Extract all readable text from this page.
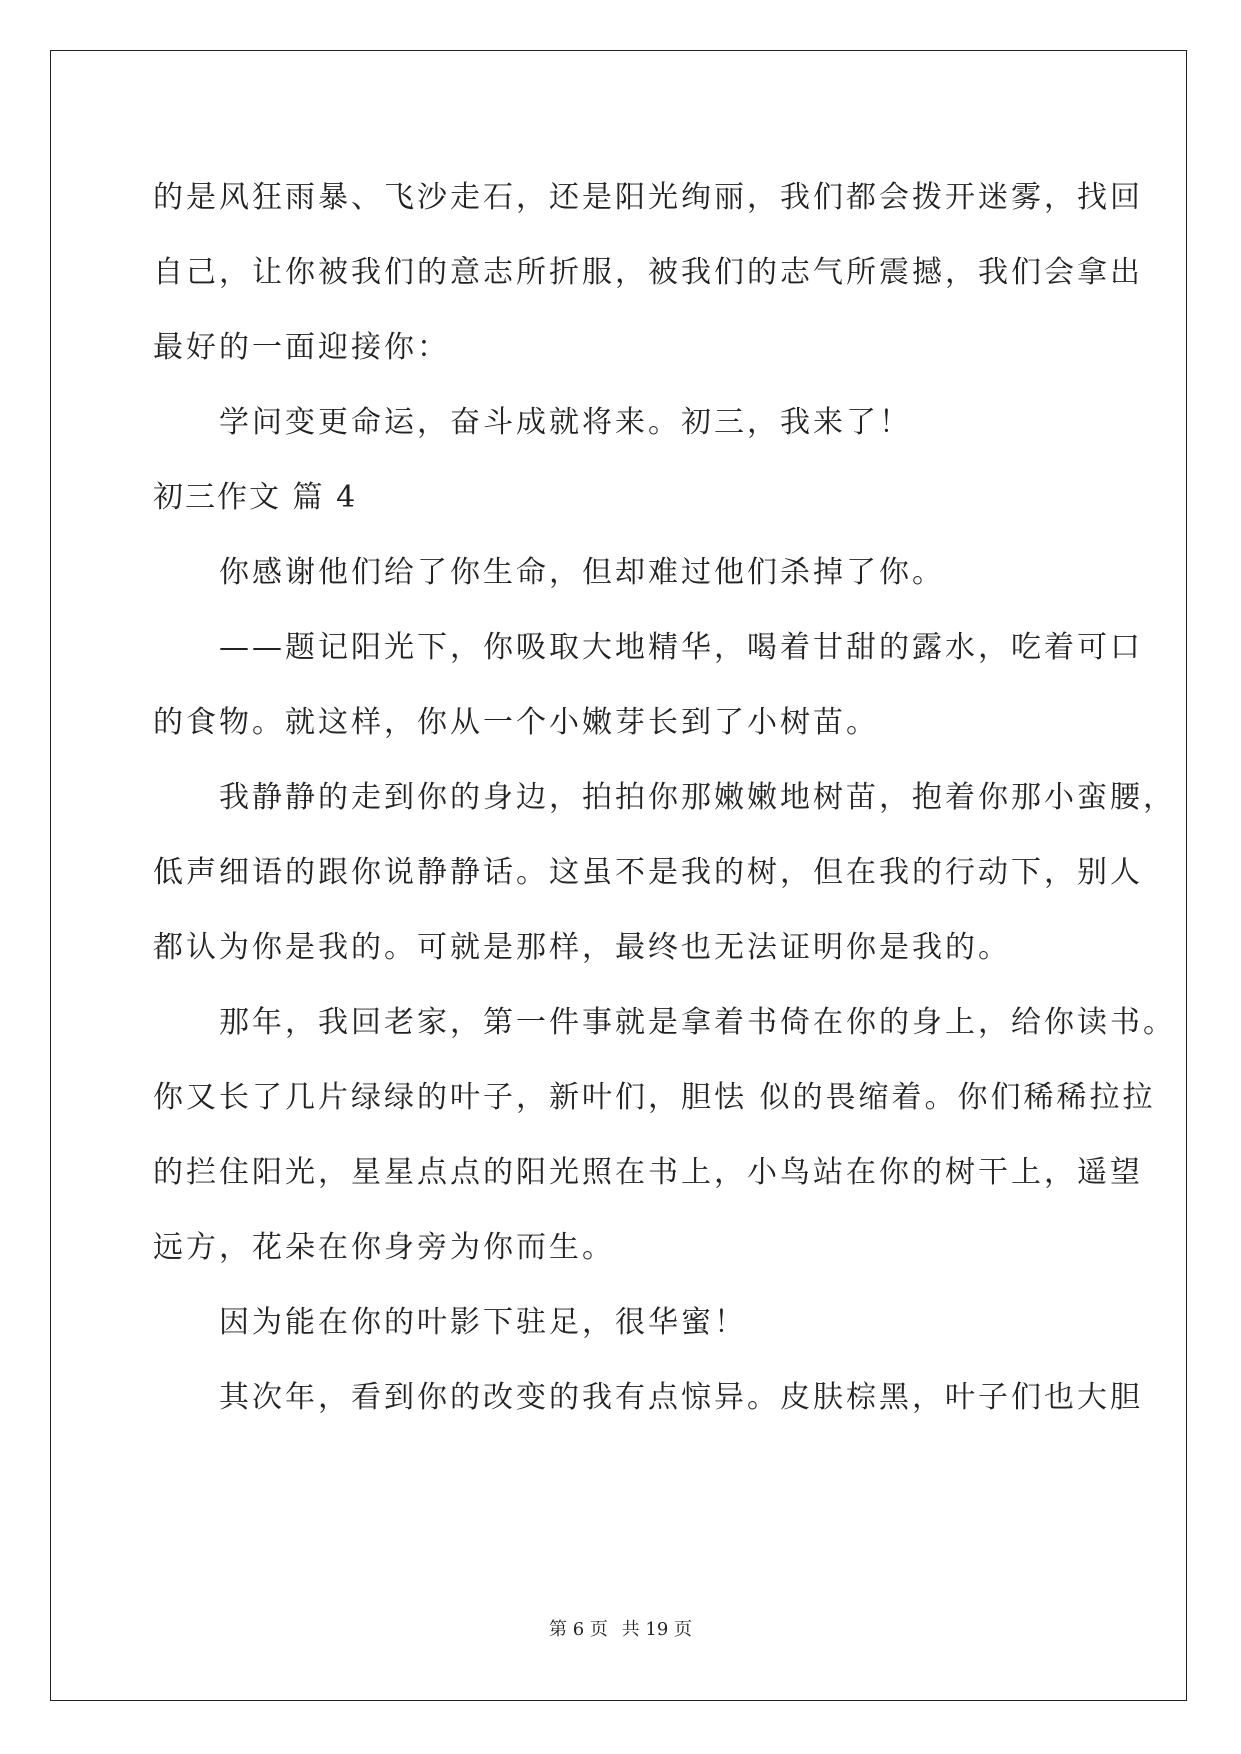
的是风狂雨暴、飞沙走石，还是阳光绚丽，我们都会拨开迷雾，找回
自己，让你被我们的意志所折服，被我们的志气所震撼，我们会拿出
最好的一面迎接你：
　　学问变更命运，奋斗成就将来。初三，我来了！
初三作文 篇 4
　　你感谢他们给了你生命，但却难过他们杀掉了你。
　　——题记阳光下，你吸取大地精华，喝着甘甜的露水，吃着可口
的食物。就这样，你从一个小嫩芽长到了小树苗。
　　我静静的走到你的身边，拍拍你那嫩嫩地树苗，抱着你那小蛮腰，
低声细语的跟你说静静话。这虽不是我的树，但在我的行动下，别人
都认为你是我的。可就是那样，最终也无法证明你是我的。
　　那年，我回老家，第一件事就是拿着书倚在你的身上，给你读书。
你又长了几片绿绿的叶子，新叶们，胆怯 似的畏缩着。你们稀稀拉拉
的拦住阳光，星星点点的阳光照在书上，小鸟站在你的树干上，遥望
远方，花朵在你身旁为你而生。
　　因为能在你的叶影下驻足，很华蜜！
　　其次年，看到你的改变的我有点惊异。皮肤棕黑，叶子们也大胆
第 6 页 共 19 页
